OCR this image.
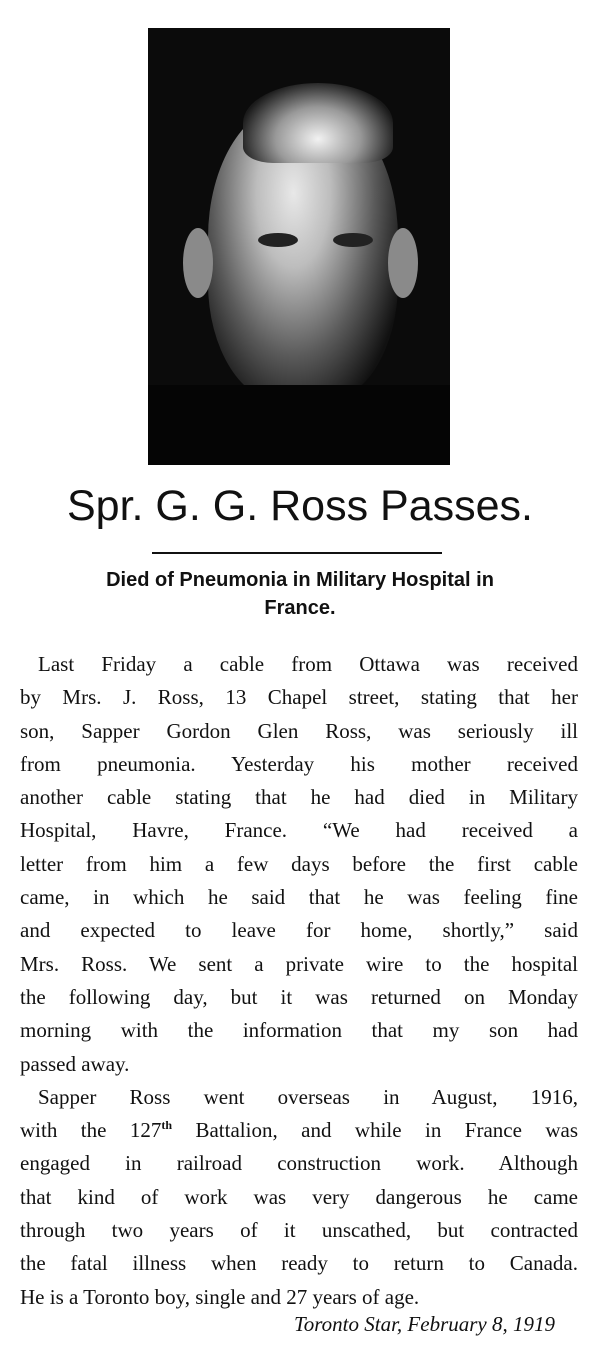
Spr. G. G. Ross Passes.
Died of Pneumonia in Military Hospital in
France.
Last Friday a cable from Ottawa was received
by Mrs. J. Ross, 13 Chapel street, stating that her
son, Sapper Gordon Glen Ross, was seriously ill
from pneumonia. Yesterday his mother received
another cable stating that he had died in Military
Hospital, Havre, France. “We had received a
letter from him a few days before the first cable
came, in which he said that he was feeling fine
and expected to leave for home, shortly,” said
Mrs. Ross. We sent a private wire to the hospital
the following day, but it was returned on Monday
morning with the information that my son had
passed away.
Sapper Ross went overseas in August, 1916,
with the 127th Battalion, and while in France was
engaged in railroad construction work. Although
that kind of work was very dangerous he came
through two years of it unscathed, but contracted
the fatal illness when ready to return to Canada.
He is a Toronto boy, single and 27 years of age.
Toronto Star, February 8, 1919
